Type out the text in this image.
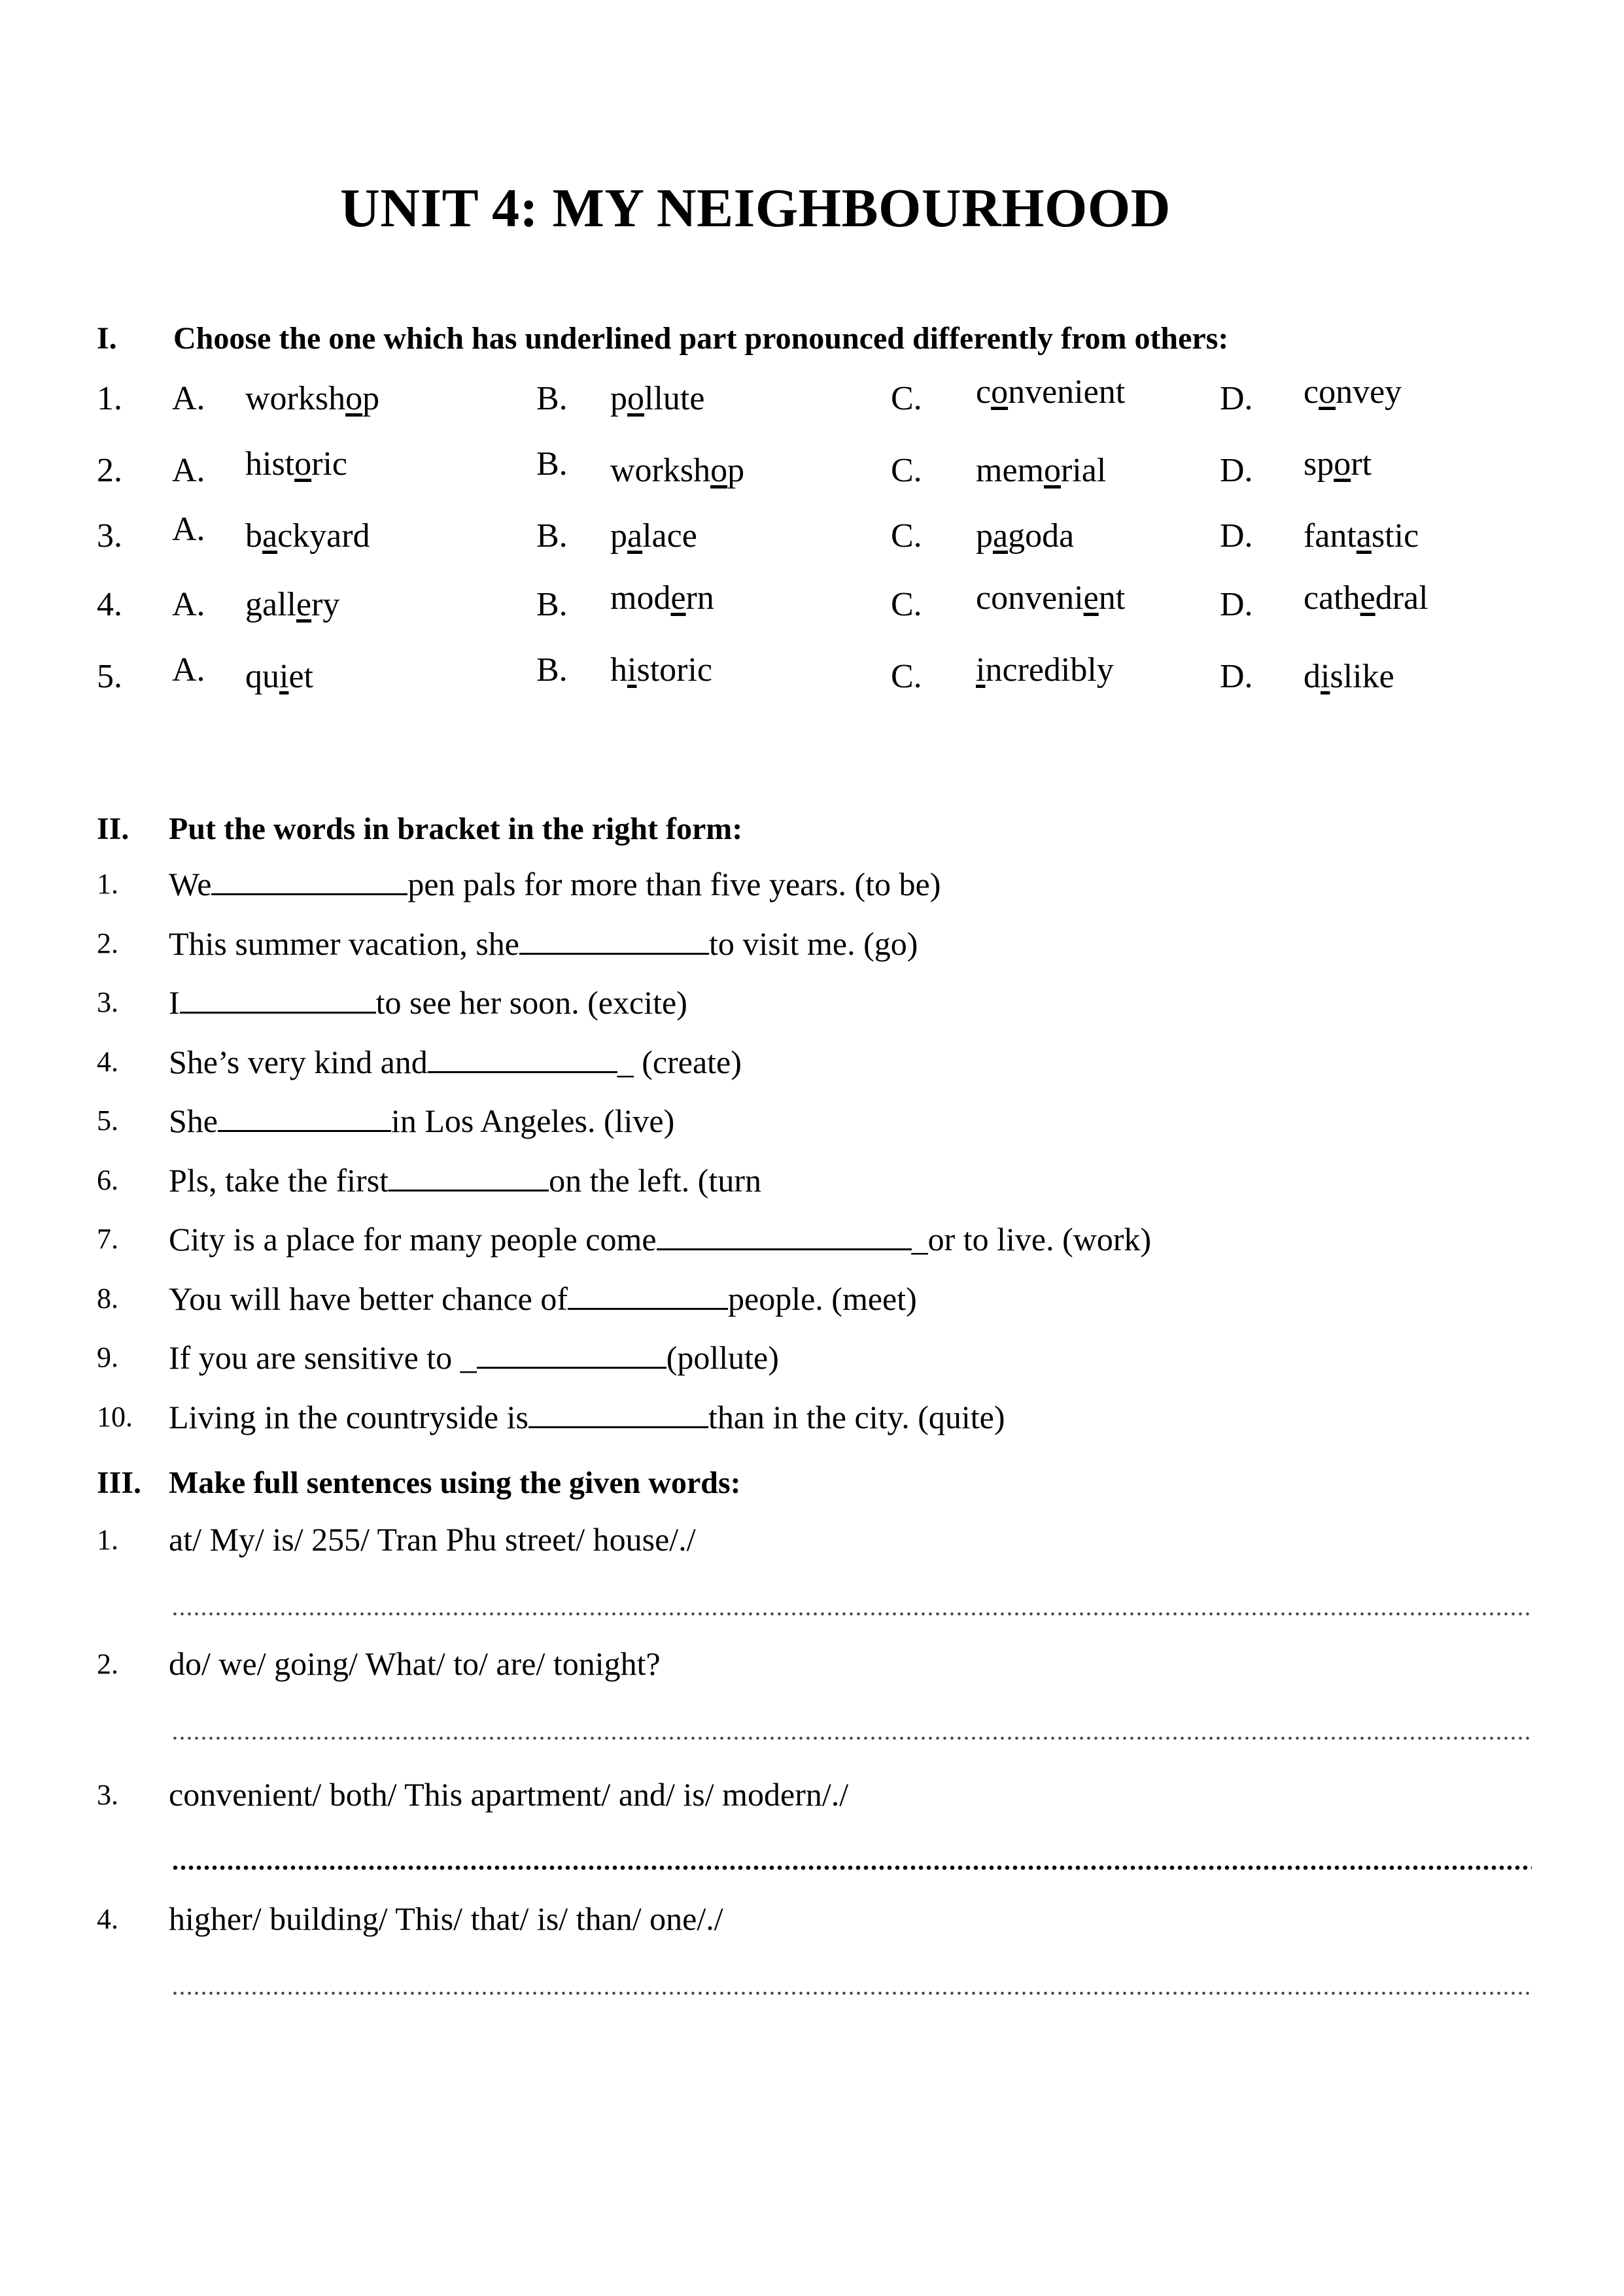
UNIT 4: MY NEIGHBOURHOOD
I. Choose the one which has underlined part pronounced differently from others:
1. A. workshop	B. pollute	C. convenient	D. convey
2. A. historic	B. workshop	C. memorial	D. sport
3. A. backyard	B. palace	C. pagoda	D. fantastic
4. A. gallery	B. modern	C. convenient	D. cathedral
5. A. quiet	B. historic	C. incredibly	D. dislike
II. Put the words in bracket in the right form:
1. We	pen pals for more than five years. (to be)
2. This summer vacation, she	to visit me. (go)
3. I	to see her soon. (excite)
4. She’s very kind and	_ (create)
5. She	in Los Angeles. (live)
6. Pls, take the first	on the left. (turn
7. City is a place for many people come	_or to live. (work)
8. You will have better chance of	people. (meet)
9. If you are sensitive to _	(pollute)
10. Living in the countryside is	than in the city. (quite)
III. Make full sentences using the given words:
1. at/ My/ is/ 255/ Tran Phu street/ house/./
2. do/ we/ going/ What/ to/ are/ tonight?
3. convenient/ both/ This apartment/ and/ is/ modern/./
4. higher/ building/ This/ that/ is/ than/ one/./
